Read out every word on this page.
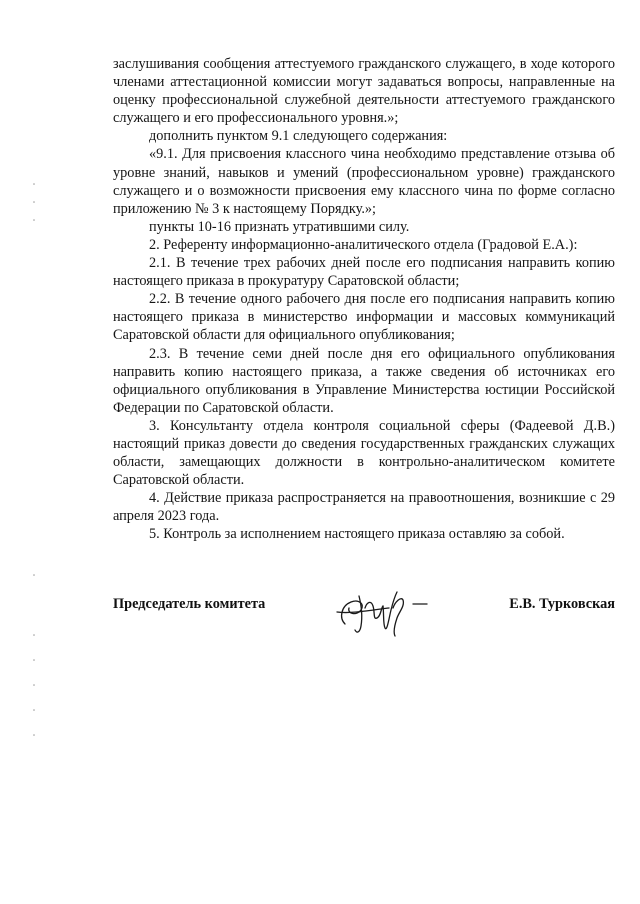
заслушивания сообщения аттестуемого гражданского служащего, в ходе которого членами аттестационной комиссии могут задаваться вопросы, направленные на оценку профессиональной служебной деятельности аттестуемого гражданского служащего и его профессионального уровня.»;

дополнить пунктом 9.1 следующего содержания:

«9.1. Для присвоения классного чина необходимо представление отзыва об уровне знаний, навыков и умений (профессиональном уровне) гражданского служащего и о возможности присвоения ему классного чина по форме согласно приложению № 3 к настоящему Порядку.»;

пункты 10-16 признать утратившими силу.

2. Референту информационно-аналитического отдела (Градовой Е.А.):

2.1. В течение трех рабочих дней после его подписания направить копию настоящего приказа в прокуратуру Саратовской области;

2.2. В течение одного рабочего дня после его подписания направить копию настоящего приказа в министерство информации и массовых коммуникаций Саратовской области для официального опубликования;

2.3. В течение семи дней после дня его официального опубликования направить копию настоящего приказа, а также сведения об источниках его официального опубликования в Управление Министерства юстиции Российской Федерации по Саратовской области.

3. Консультанту отдела контроля социальной сферы (Фадеевой Д.В.) настоящий приказ довести до сведения государственных гражданских служащих области, замещающих должности в контрольно-аналитическом комитете Саратовской области.

4. Действие приказа распространяется на правоотношения, возникшие с 29 апреля 2023 года.

5. Контроль за исполнением настоящего приказа оставляю за собой.

Председатель комитета	Е.В. Турковская
